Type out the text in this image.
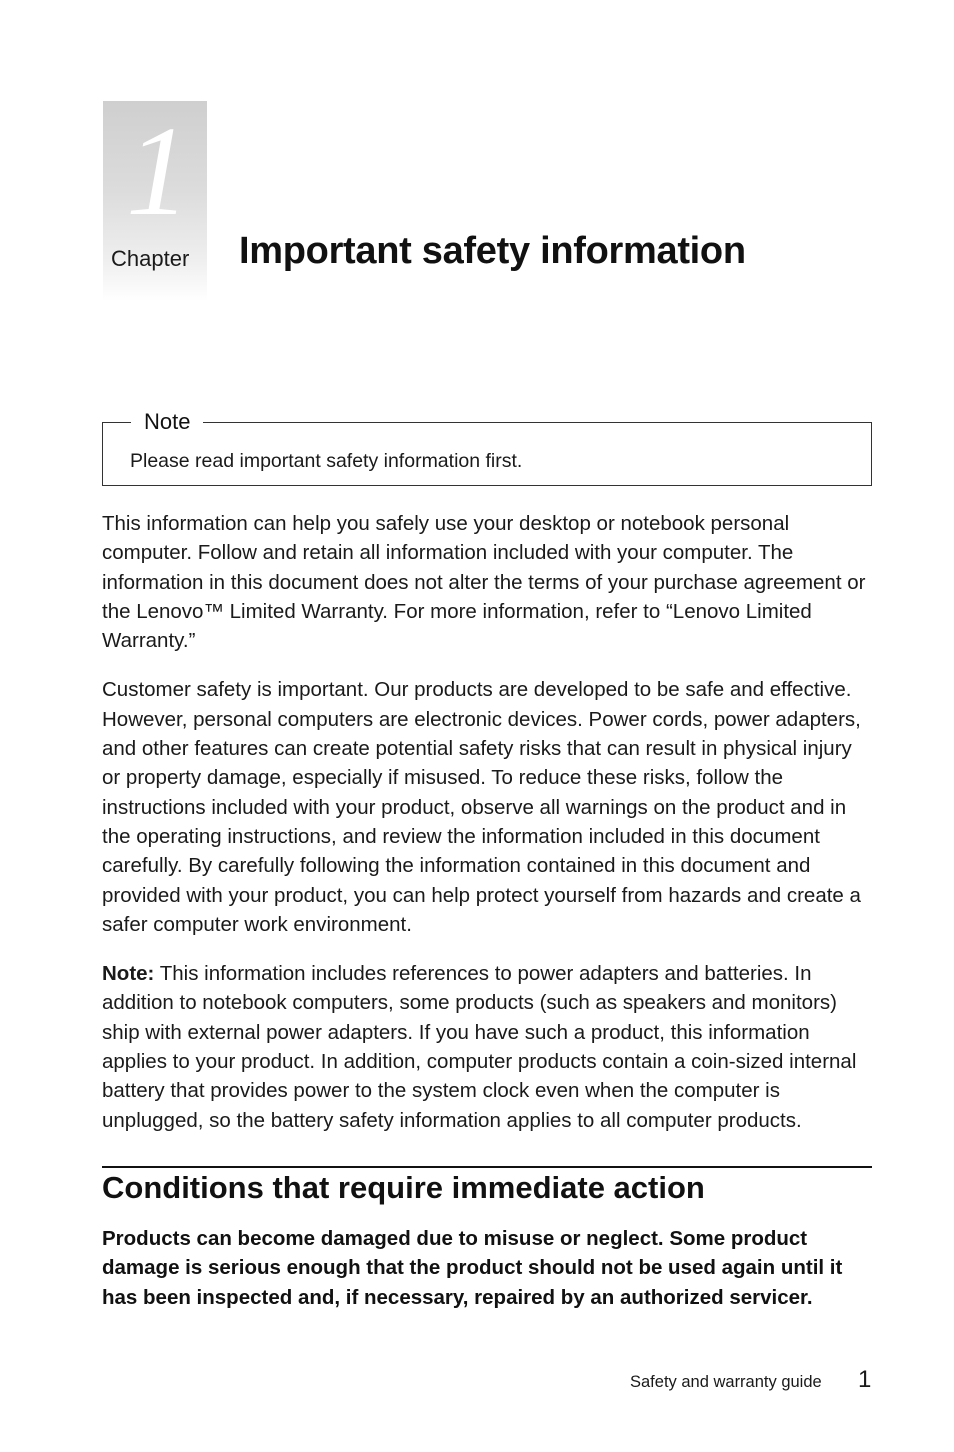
1
Chapter Important safety information
Note
Please read important safety information first.

This information can help you safely use your desktop or notebook personal computer. Follow and retain all information included with your computer. The information in this document does not alter the terms of your purchase agreement or the Lenovo™ Limited Warranty. For more information, refer to “Lenovo Limited Warranty.”

Customer safety is important. Our products are developed to be safe and effective. However, personal computers are electronic devices. Power cords, power adapters, and other features can create potential safety risks that can result in physical injury or property damage, especially if misused. To reduce these risks, follow the instructions included with your product, observe all warnings on the product and in the operating instructions, and review the information included in this document carefully. By carefully following the information contained in this document and provided with your product, you can help protect yourself from hazards and create a safer computer work environment.

Note: This information includes references to power adapters and batteries. In addition to notebook computers, some products (such as speakers and monitors) ship with external power adapters. If you have such a product, this information applies to your product. In addition, computer products contain a coin-sized internal battery that provides power to the system clock even when the computer is unplugged, so the battery safety information applies to all computer products.

Conditions that require immediate action

Products can become damaged due to misuse or neglect. Some product damage is serious enough that the product should not be used again until it has been inspected and, if necessary, repaired by an authorized servicer.

Safety and warranty guide 1
